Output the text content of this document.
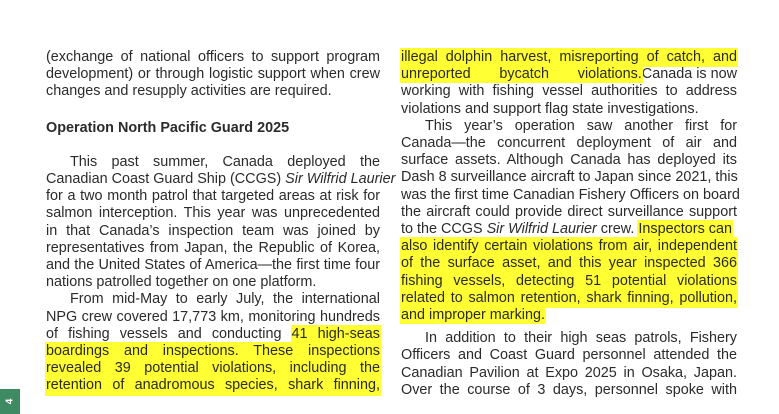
(exchange of national officers to support program
development) or through logistic support when crew
changes and resupply activities are required.
Operation North Pacific Guard 2025
This past summer, Canada deployed the
Canadian Coast Guard Ship (CCGS) Sir Wilfrid Laurier
for a two month patrol that targeted areas at risk for
salmon interception. This year was unprecedented
in that Canada’s inspection team was joined by
representatives from Japan, the Republic of Korea,
and the United States of America—the first time four
nations patrolled together on one platform.
From mid-May to early July, the international
NPG crew covered 17,773 km, monitoring hundreds
of fishing vessels and conducting 41 high-seas
boardings and inspections. These inspections
revealed 39 potential violations, including the
retention of anadromous species, shark finning,
illegal dolphin harvest, misreporting of catch, and
unreported bycatch violations. Canada is now
working with fishing vessel authorities to address
violations and support flag state investigations.
This year’s operation saw another first for
Canada—the concurrent deployment of air and
surface assets. Although Canada has deployed its
Dash 8 surveillance aircraft to Japan since 2021, this
was the first time Canadian Fishery Officers on board
the aircraft could provide direct surveillance support
to the CCGS Sir Wilfrid Laurier crew. Inspectors can
also identify certain violations from air, independent
of the surface asset, and this year inspected 366
fishing vessels, detecting 51 potential violations
related to salmon retention, shark finning, pollution,
and improper marking.
In addition to their high seas patrols, Fishery
Officers and Coast Guard personnel attended the
Canadian Pavilion at Expo 2025 in Osaka, Japan.
Over the course of 3 days, personnel spoke with
4
